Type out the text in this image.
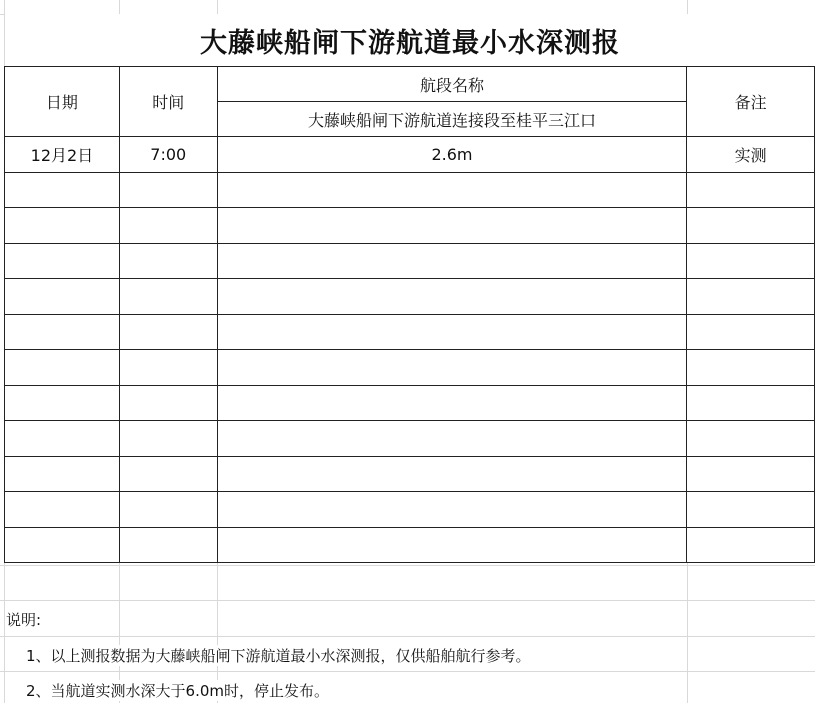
大藤峡船闸下游航道最小水深测报
日期	时间	航段名称	备注
		大藤峡船闸下游航道连接段至桂平三江口	
12月2日	7:00	2.6m	实测

说明:
1、以上测报数据为大藤峡船闸下游航道最小水深测报，仅供船舶航行参考。
2、当航道实测水深大于6.0m时，停止发布。
